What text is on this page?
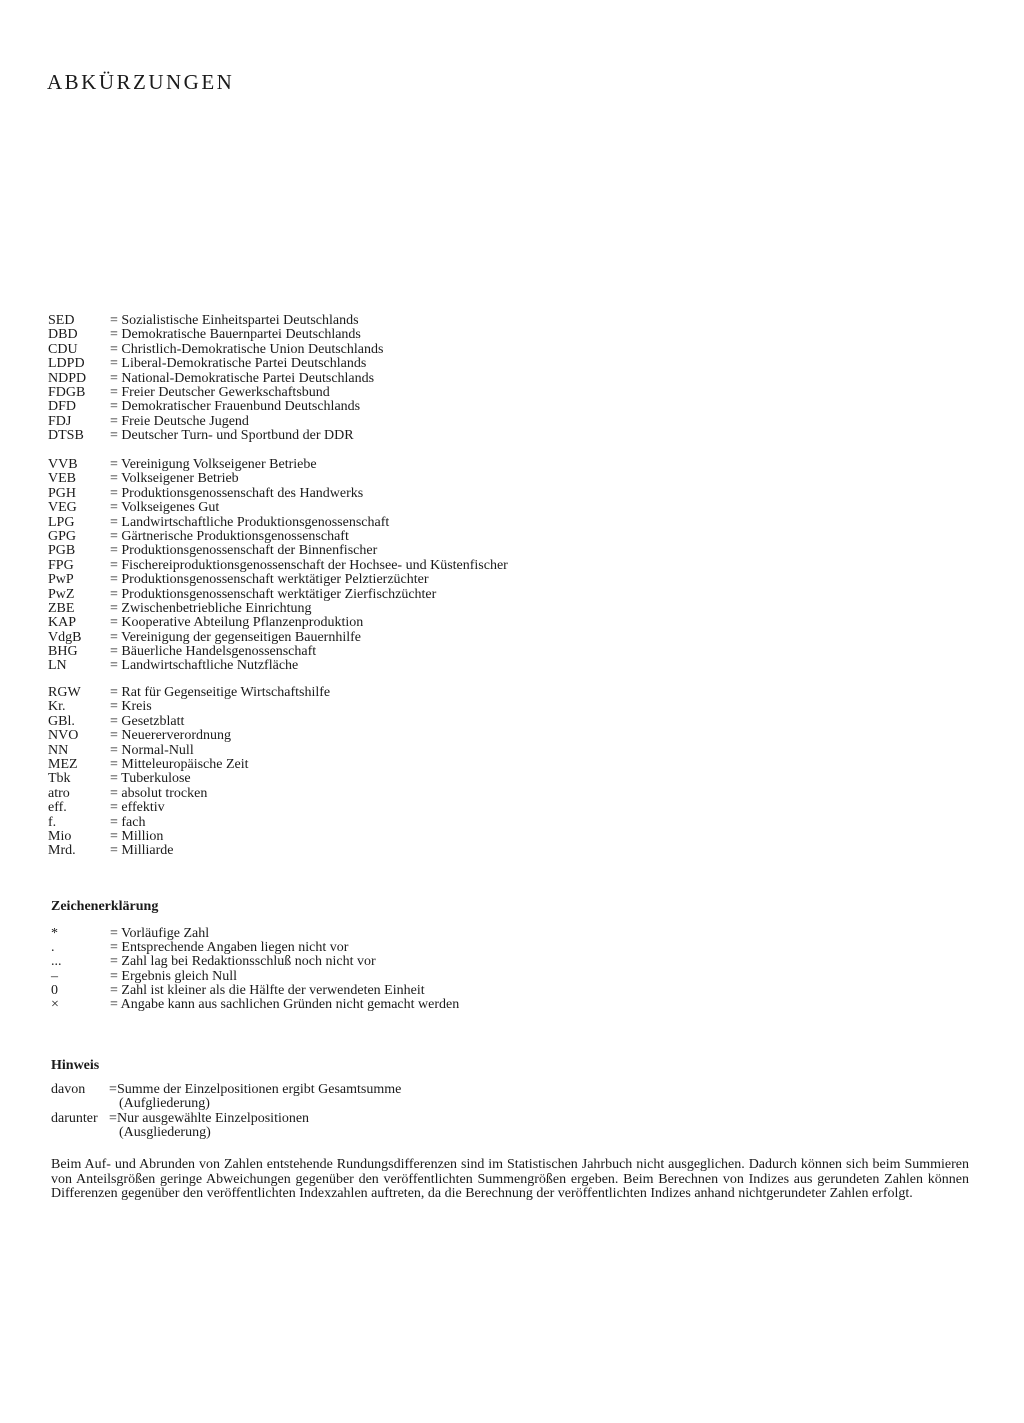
ABKÜRZUNGEN
SED	= Sozialistische Einheitspartei Deutschlands
DBD	= Demokratische Bauernpartei Deutschlands
CDU	= Christlich-Demokratische Union Deutschlands
LDPD	= Liberal-Demokratische Partei Deutschlands
NDPD	= National-Demokratische Partei Deutschlands
FDGB	= Freier Deutscher Gewerkschaftsbund
DFD	= Demokratischer Frauenbund Deutschlands
FDJ	= Freie Deutsche Jugend
DTSB	= Deutscher Turn- und Sportbund der DDR
VVB	= Vereinigung Volkseigener Betriebe
VEB	= Volkseigener Betrieb
PGH	= Produktionsgenossenschaft des Handwerks
VEG	= Volkseigenes Gut
LPG	= Landwirtschaftliche Produktionsgenossenschaft
GPG	= Gärtnerische Produktionsgenossenschaft
PGB	= Produktionsgenossenschaft der Binnenfischer
FPG	= Fischereiproduktionsgenossenschaft der Hochsee- und Küstenfischer
PwP	= Produktionsgenossenschaft werktätiger Pelztierzüchter
PwZ	= Produktionsgenossenschaft werktätiger Zierfischzüchter
ZBE	= Zwischenbetriebliche Einrichtung
KAP	= Kooperative Abteilung Pflanzenproduktion
VdgB	= Vereinigung der gegenseitigen Bauernhilfe
BHG	= Bäuerliche Handelsgenossenschaft
LN	= Landwirtschaftliche Nutzfläche
RGW	= Rat für Gegenseitige Wirtschaftshilfe
Kr.	= Kreis
GBl.	= Gesetzblatt
NVO	= Neuererverordnung
NN	= Normal-Null
MEZ	= Mitteleuropäische Zeit
Tbk	= Tuberkulose
atro	= absolut trocken
eff.	= effektiv
f.	= fach
Mio	= Million
Mrd.	= Milliarde
Zeichenerklärung
*	= Vorläufige Zahl
.	= Entsprechende Angaben liegen nicht vor
...	= Zahl lag bei Redaktionsschluß noch nicht vor
–	= Ergebnis gleich Null
0	= Zahl ist kleiner als die Hälfte der verwendeten Einheit
×	= Angabe kann aus sachlichen Gründen nicht gemacht werden
Hinweis
davon	= Summe der Einzelpositionen ergibt Gesamtsumme
(Aufgliederung)
darunter = Nur ausgewählte Einzelpositionen
(Ausgliederung)

Beim Auf- und Abrunden von Zahlen entstehende Rundungsdifferenzen sind im Statistischen Jahrbuch nicht ausgeglichen. Dadurch können sich beim Summieren von Anteilsgrößen geringe Abweichungen gegenüber den veröffentlichten Summengrößen ergeben. Beim Berechnen von Indizes aus gerundeten Zahlen können Differenzen gegenüber den veröffentlichten Indexzahlen auftreten, da die Berechnung der veröffentlichten Indizes anhand nichtgerundeter Zahlen erfolgt.
